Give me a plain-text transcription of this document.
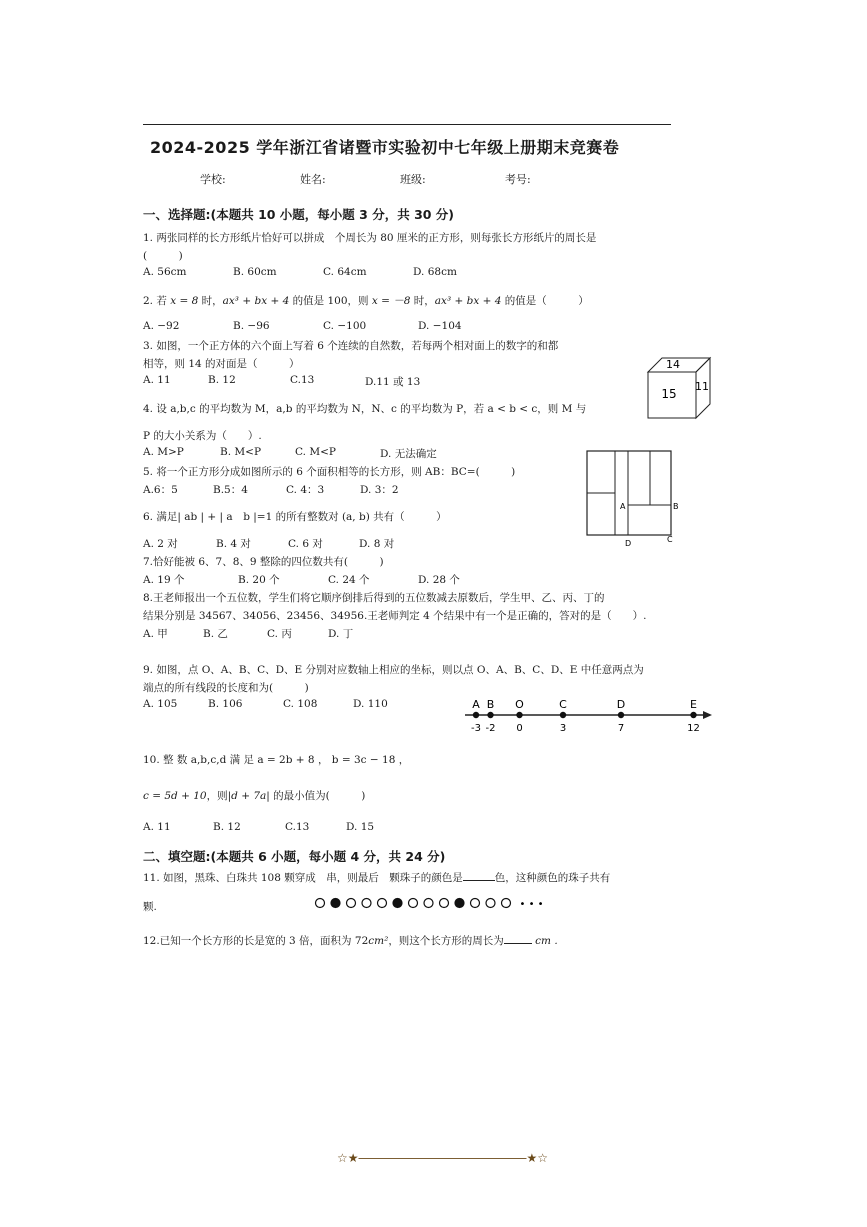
2024-2025 学年浙江省诸暨市实验初中七年级上册期末竞赛卷
学校:	姓名:	班级:	考号:
一、选择题:(本题共 10 小题，每小题 3 分，共 30 分)
1. 两张同样的长方形纸片恰好可以拼成　个周长为 80 厘米的正方形，则每张长方形纸片的周长是
(　　　)
A. 56cm	B. 60cm	C. 64cm	D. 68cm
2. 若 x = 8 时，ax³ + bx + 4 的值是 100，则 x = －8 时，ax³ + bx + 4 的值是（　　　）
A. −92	B. −96	C. −100	D. −104
3. 如图，一个正方体的六个面上写着 6 个连续的自然数，若每两个相对面上的数字的和都
相等，则 14 的对面是（　　　）
A. 11	B. 12	C.13	D.11 或 13
14
15
11
4. 设 a,b,c 的平均数为 M，a,b 的平均数为 N，N、c 的平均数为 P，若 a < b < c，则 M 与
P 的大小关系为（　　）.
A. M>P	B. M<P	C. M<P	D. 无法确定
5. 将一个正方形分成如图所示的 6 个面积相等的长方形，则 AB：BC=(　　　)
A.6：5	B.5：4	C. 4：3	D. 3：2
A	B
D	C
6. 满足| ab | + | a　b |=1 的所有整数对 (a, b) 共有（　　　）
A. 2 对	B. 4 对	C. 6 对	D. 8 对
7.恰好能被 6、7、8、9 整除的四位数共有(　　　)
A. 19 个	B. 20 个	C. 24 个	D. 28 个
8.王老师报出一个五位数，学生们将它顺序倒排后得到的五位数减去原数后，学生甲、乙、丙、丁的
结果分别是 34567、34056、23456、34956.王老师判定 4 个结果中有一个是正确的，答对的是（　　）.
A. 甲	B. 乙	C. 丙	D. 丁
9. 如图，点 O、A、B、C、D、E 分别对应数轴上相应的坐标，则以点 O、A、B、C、D、E 中任意两点为
端点的所有线段的长度和为(　　　)
A. 105	B. 106	C. 108	D. 110	A
-3
B
-2
O
0
C
3
D
7
E
12
10. 整 数 a,b,c,d 满 足 a = 2b + 8 ， b = 3c − 18 ，
c = 5d + 10，则|d + 7a| 的最小值为(　　　)
A. 11	B. 12	C.13	D. 15
二、填空题:(本题共 6 小题，每小题 4 分，共 24 分)
11. 如图，黑珠、白珠共 108 颗穿成　串，则最后　颗珠子的颜色是	色，这种颜色的珠子共有
颗.	• • •
12.已知一个长方形的长是宽的 3 倍，面积为 72cm²，则这个长方形的周长为	cm .
☆★――――――――――――――★☆
